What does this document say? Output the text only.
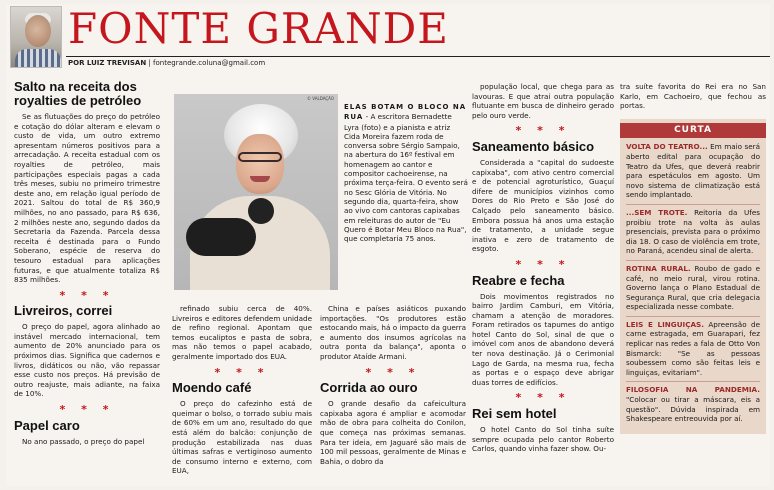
FONTE GRANDE
POR LUIZ TREVISAN | fontegrande.coluna@gmail.com
Salto na receita dos royalties de petróleo

Se as flutuações do preço do petróleo e cotação do dólar alteram e elevam o custo de vida, um outro extremo apresentam números positivos para a arrecadação. A receita estadual com os royalties de petróleo, mais participações especiais pagas a cada três meses, subiu no primeiro trimestre deste ano, em relação igual período de 2021. Saltou do total de R$ 360,9 milhões, no ano passado, para R$ 636, 2 milhões neste ano, segundo dados da Secretaria da Fazenda. Parcela dessa receita é destinada para o Fundo Soberano, espécie de reserva do tesouro estadual para aplicações futuras, e que atualmente totaliza R$ 835 milhões.

* * *
Livreiros, correi

O preço do papel, agora alinhado ao instável mercado internacional, tem aumento de 20% anunciado para os próximos dias. Significa que cadernos e livros, didáticos ou não, vão repassar esse custo nos preços. Há previsão de outro reajuste, mais adiante, na faixa de 10%.

* * *
Papel caro

No ano passado, o preço do papel

© VALDAÇÃO
ELAS BOTAM O BLOCO NA RUA - A escritora Bernadette Lyra (foto) e a pianista e atriz Cida Moreira fazem roda de conversa sobre Sérgio Sampaio, na abertura do 16º festival em homenagem ao cantor e compositor cachoeirense, na próxima terça-feira. O evento será no Sesc Glória de Vitória. No segundo dia, quarta-feira, show ao vivo com cantoras capixabas em releituras do autor de "Eu Quero é Botar Meu Bloco na Rua", que completaria 75 anos.

refinado subiu cerca de 40%. Livreiros e editores defendem unidade de refino regional. Apontam que temos eucaliptos e pasta de sobra, mas não temos o papel acabado, geralmente importado dos EUA.

* * *
Moendo café

O preço do cafezinho está de queimar o bolso, o torrado subiu mais de 60% em um ano, resultado do que está além do balcão: conjunção de produção estabilizada nas duas últimas safras e vertiginoso aumento de consumo interno e externo, com EUA,

China e países asiáticos puxando importações. "Os produtores estão estocando mais, há o impacto da guerra e aumento dos insumos agrícolas na outra ponta da balança", aponta o produtor Ataíde Armani.

* * *
Corrida ao ouro

O grande desafio da cafeicultura capixaba agora é ampliar e acomodar mão de obra para colheita do Conilon, que começa nas próximas semanas. Para ter ideia, em Jaguaré são mais de 100 mil pessoas, geralmente de Minas e Bahia, o dobro da

população local, que chega para as lavouras. E que atrai outra população flutuante em busca de dinheiro gerado pelo ouro verde.

* * *
Saneamento básico

Considerada a "capital do sudoeste capixaba", com ativo centro comercial e de potencial agroturístico, Guaçuí difere de municípios vizinhos como Dores do Rio Preto e São José do Calçado pelo saneamento básico. Embora possua há anos uma estação de tratamento, a unidade segue inativa e zero de tratamento de esgoto.

* * *
Reabre e fecha

Dois movimentos registrados no bairro Jardim Camburi, em Vitória, chamam a atenção de moradores. Foram retirados os tapumes do antigo hotel Canto do Sol, sinal de que o imóvel com anos de abandono deverá ter nova destinação. Já o Cerimonial Lago de Garda, na mesma rua, fecha as portas e o espaço deve abrigar duas torres de edifícios.

* * *
Rei sem hotel

O hotel Canto do Sol tinha suíte sempre ocupada pelo cantor Roberto Carlos, quando vinha fazer show. Ou-

tra suíte favorita do Rei era no San Karlo, em Cachoeiro, que fechou as portas.

CURTA
VOLTA DO TEATRO... Em maio será aberto edital para ocupação do Teatro da Ufes, que deverá reabrir para espetáculos em agosto. Um novo sistema de climatização está sendo implantado.
...SEM TROTE. Reitoria da Ufes proibiu trote na volta às aulas presenciais, prevista para o próximo dia 18. O caso de violência em trote, no Paraná, acendeu sinal de alerta.
ROTINA RURAL. Roubo de gado e café, no meio rural, virou rotina. Governo lança o Plano Estadual de Segurança Rural, que cria delegacia especializada nesse combate.
LEIS E LINGUIÇAS. Apreensão de carne estragada, em Guarapari, fez replicar nas redes a fala de Otto Von Bismarck: "Se as pessoas soubessem como são feitas leis e linguiças, evitariam".
FILOSOFIA NA PANDEMIA. "Colocar ou tirar a máscara, eis a questão". Dúvida inspirada em Shakespeare entreouvida por aí.
